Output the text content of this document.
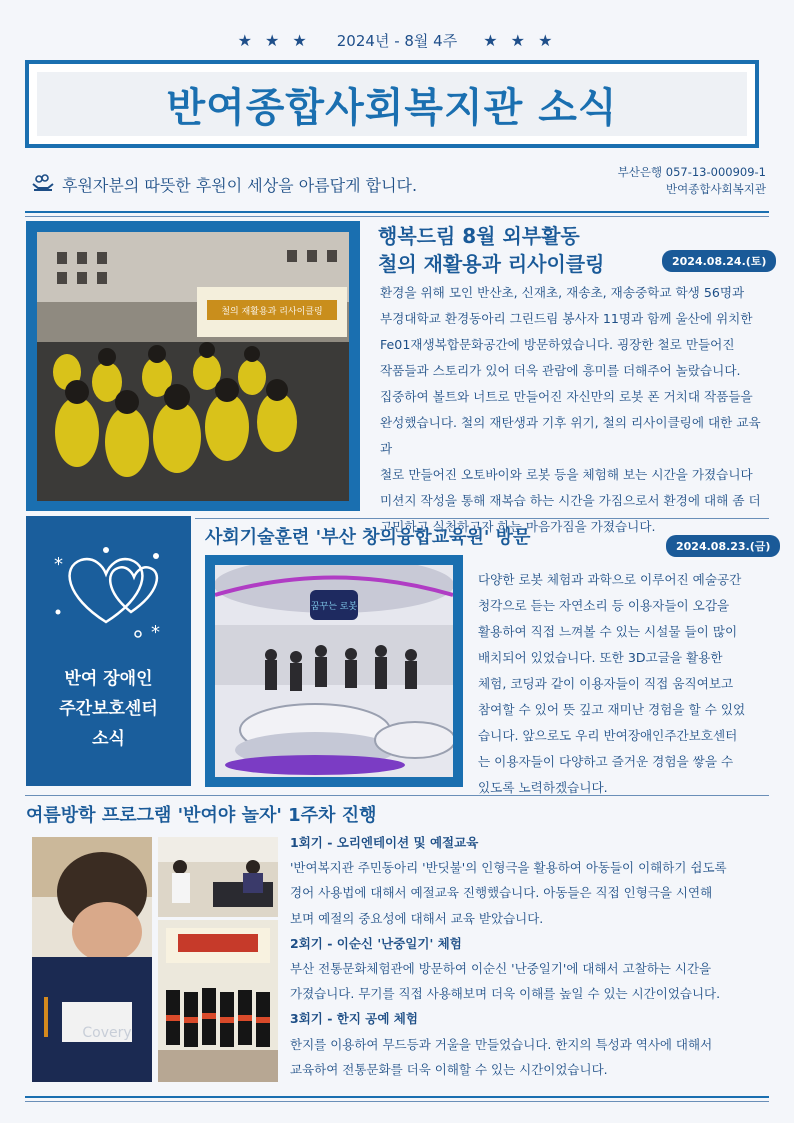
★ ★ ★ 2024년 - 8월 4주 ★ ★ ★
반여종합사회복지관 소식
후원자분의 따뜻한 후원이 세상을 아름답게 합니다.
부산은행 057-13-000909-1
반여종합사회복지관
철의 재활용과 리사이클링
행복드림 8월 외부활동
철의 재활용과 리사이클링	2024.08.24.(토)

환경을 위해 모인 반산초, 신재초, 재송초, 재송중학교 학생 56명과

부경대학교 환경동아리 그린드림 봉사자 11명과 함께 울산에 위치한

Fe01재생복합문화공간에 방문하였습니다. 굉장한 철로 만들어진

작품들과 스토리가 있어 더욱 관람에 흥미를 더해주어 놀랐습니다.

집중하여 볼트와 너트로 만들어진 자신만의 로봇 폰 거치대 작품들을

완성했습니다. 철의 재탄생과 기후 위기, 철의 리사이클링에 대한 교육과

철로 만들어진 오토바이와 로봇 등을 체험해 보는 시간을 가졌습니다

미션지 작성을 통해 재복습 하는 시간을 가짐으로서 환경에 대해 좀 더

고민하고 실천하고자 하는 마음가짐을 가졌습니다.

*
*
반여 장애인
주간보호센터
소식
사회기술훈련 '부산 창의융합교육원' 방문	2024.08.23.(금)
꿈꾸는 로봇

다양한 로봇 체험과 과학으로 이루어진 예술공간

청각으로 듣는 자연소리 등 이용자들이 오감을

활용하여 직접 느껴볼 수 있는 시설물 들이 많이

배치되어 있었습니다. 또한 3D고글을 활용한

체험, 코딩과 같이 이용자들이 직접 움직여보고

참여할 수 있어 뜻 깊고 재미난 경험을 할 수 있었

습니다. 앞으로도 우리 반여장애인주간보호센터

는 이용자들이 다양하고 즐거운 경험을 쌓을 수

있도록 노력하겠습니다.

여름방학 프로그램 '반여야 놀자' 1주차 진행
Covery

1회기 - 오리엔테이션 및 예절교육

'반여복지관 주민동아리 '반딧불'의 인형극을 활용하여 아동들이 이해하기 쉽도록

경어 사용법에 대해서 예절교육 진행했습니다. 아동들은 직접 인형극을 시연해

보며 예절의 중요성에 대해서 교육 받았습니다.

2회기 - 이순신 '난중일기' 체험

부산 전통문화체험관에 방문하여 이순신 '난중일기'에 대해서 고찰하는 시간을

가졌습니다. 무기를 직접 사용해보며 더욱 이해를 높일 수 있는 시간이었습니다.

3회기 - 한지 공예 체험

한지를 이용하여 무드등과 거울을 만들었습니다. 한지의 특성과 역사에 대해서

교육하여 전통문화를 더욱 이해할 수 있는 시간이었습니다.
